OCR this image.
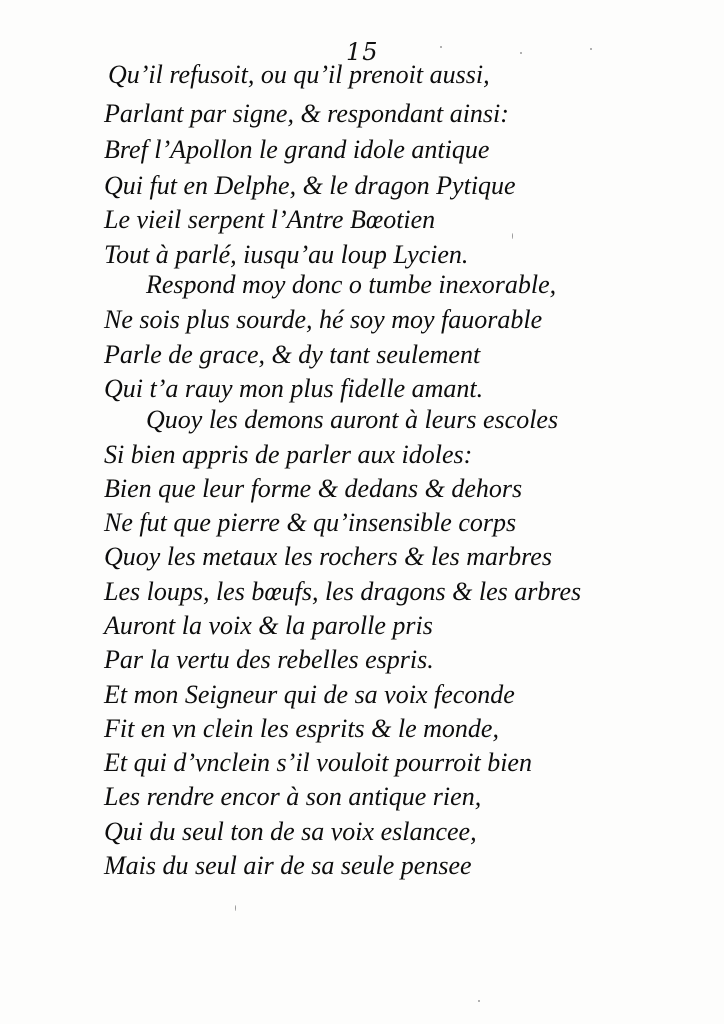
15
Qu’il refusoit, ou qu’il prenoit aussi,
Parlant par signe, & respondant ainsi:
Bref l’Apollon le grand idole antique
Qui fut en Delphe, & le dragon Pytique
Le vieil serpent l’Antre Bœotien
Tout à parlé, iusqu’au loup Lycien.
Respond moy donc o tumbe inexorable,
Ne sois plus sourde, hé soy moy fauorable
Parle de grace, & dy tant seulement
Qui t’a rauy mon plus fidelle amant.
Quoy les demons auront à leurs escoles
Si bien appris de parler aux idoles:
Bien que leur forme & dedans & dehors
Ne fut que pierre & qu’insensible corps
Quoy les metaux les rochers & les marbres
Les loups, les bœufs, les dragons & les arbres
Auront la voix & la parolle pris
Par la vertu des rebelles espris.
Et mon Seigneur qui de sa voix feconde
Fit en vn clein les esprits & le monde,
Et qui d’vnclein s’il vouloit pourroit bien
Les rendre encor à son antique rien,
Qui du seul ton de sa voix eslancee,
Mais du seul air de sa seule pensee
